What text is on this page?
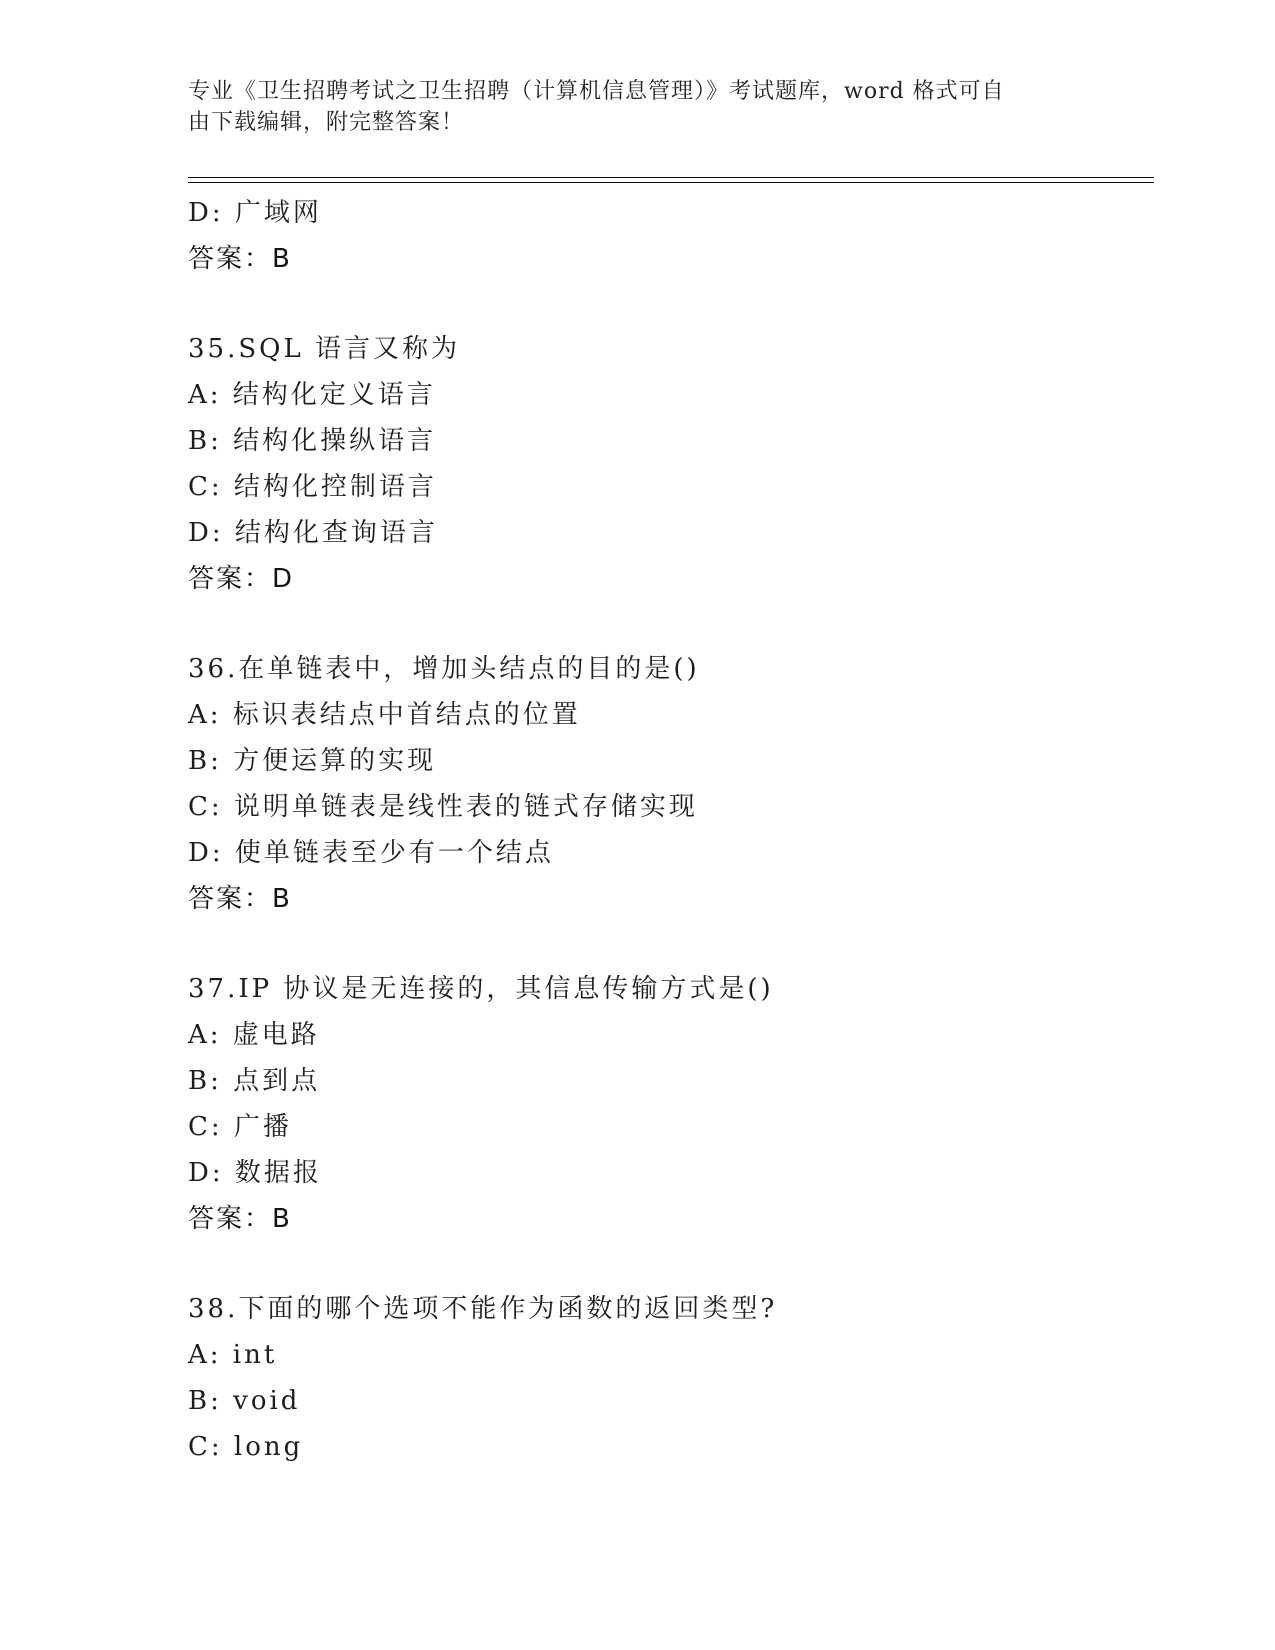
专业《卫生招聘考试之卫生招聘（计算机信息管理）》考试题库，word 格式可自
由下载编辑，附完整答案！
D: 广域网
答案：B
35.SQL 语言又称为
A: 结构化定义语言
B: 结构化操纵语言
C: 结构化控制语言
D: 结构化查询语言
答案：D
36.在单链表中，增加头结点的目的是()
A: 标识表结点中首结点的位置
B: 方便运算的实现
C: 说明单链表是线性表的链式存储实现
D: 使单链表至少有一个结点
答案：B
37.IP 协议是无连接的，其信息传输方式是()
A: 虚电路
B: 点到点
C: 广播
D: 数据报
答案：B
38.下面的哪个选项不能作为函数的返回类型?
A: int
B: void
C: long
